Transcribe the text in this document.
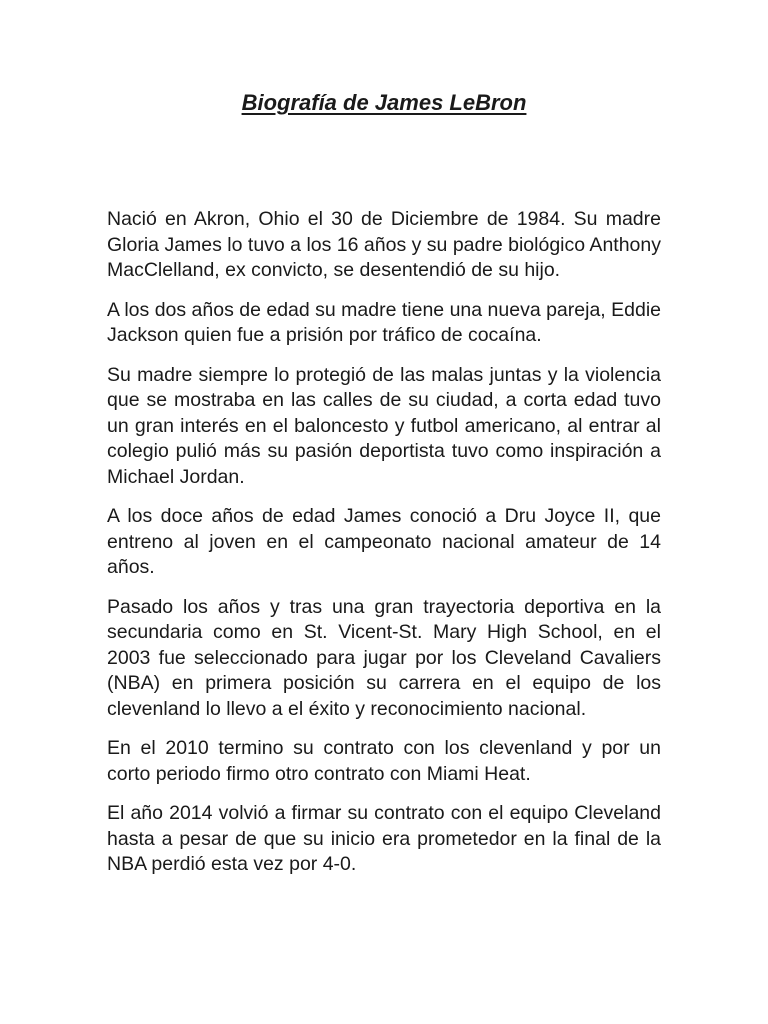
Biografía de James LeBron

Nació en Akron, Ohio el 30 de Diciembre de 1984. Su madre Gloria James lo tuvo a los 16 años y su padre biológico Anthony MacClelland, ex convicto, se desentendió de su hijo.

A los dos años de edad su madre tiene una nueva pareja, Eddie Jackson quien fue a prisión por tráfico de cocaína.

Su madre siempre lo protegió de las malas juntas y la violencia que se mostraba en las calles de su ciudad, a corta edad tuvo un gran interés en el baloncesto y futbol americano, al entrar al colegio pulió más su pasión deportista tuvo como inspiración a Michael Jordan.

A los doce años de edad James conoció a Dru Joyce II, que entreno al joven en el campeonato nacional amateur de 14 años.

Pasado los años y tras una gran trayectoria deportiva en la secundaria como en St. Vicent-St. Mary High School, en el 2003 fue seleccionado para jugar por los Cleveland Cavaliers (NBA) en primera posición su carrera en el equipo de los clevenland lo llevo a el éxito y reconocimiento nacional.

En el 2010 termino su contrato con los clevenland y por un corto periodo firmo otro contrato con Miami Heat.

El año 2014 volvió a firmar su contrato con el equipo Cleveland hasta a pesar de que su inicio era prometedor en la final de la NBA perdió esta vez por 4-0.
